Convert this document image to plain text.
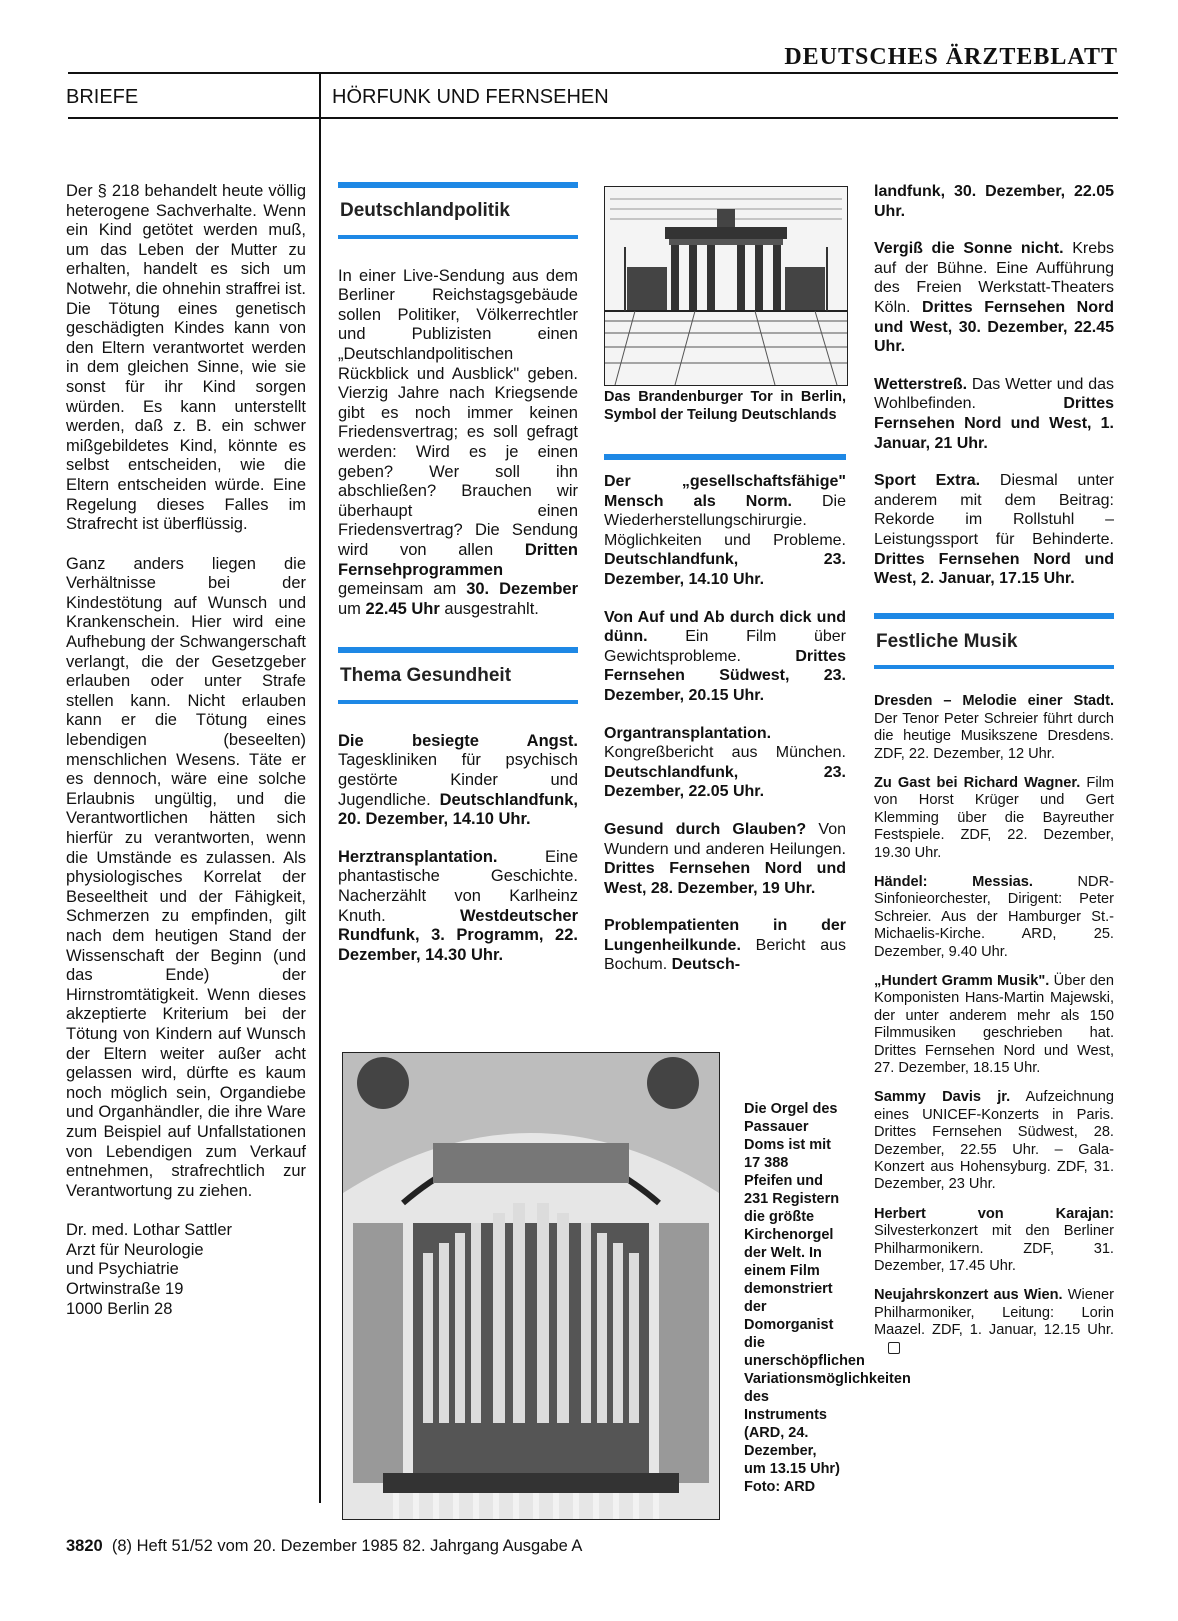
DEUTSCHES ÄRZTEBLATT
BRIEFE	HÖRFUNK UND FERNSEHEN

Der § 218 behandelt heute völlig heterogene Sachverhalte. Wenn ein Kind getötet werden muß, um das Leben der Mutter zu erhalten, handelt es sich um Notwehr, die ohnehin straffrei ist. Die Tötung eines genetisch geschädigten Kindes kann von den Eltern verantwortet werden in dem gleichen Sinne, wie sie sonst für ihr Kind sorgen würden. Es kann unterstellt werden, daß z. B. ein schwer mißgebildetes Kind, könnte es selbst entscheiden, wie die Eltern entscheiden würde. Eine Regelung dieses Falles im Strafrecht ist überflüssig.

Ganz anders liegen die Verhältnisse bei der Kindestötung auf Wunsch und Krankenschein. Hier wird eine Aufhebung der Schwangerschaft verlangt, die der Gesetzgeber erlauben oder unter Strafe stellen kann. Nicht erlauben kann er die Tötung eines lebendigen (beseelten) menschlichen Wesens. Täte er es dennoch, wäre eine solche Erlaubnis ungültig, und die Verantwortlichen hätten sich hierfür zu verantworten, wenn die Umstände es zulassen. Als physiologisches Korrelat der Beseeltheit und der Fähigkeit, Schmerzen zu empfinden, gilt nach dem heutigen Stand der Wissenschaft der Beginn (und das Ende) der Hirnstromtätigkeit. Wenn dieses akzeptierte Kriterium bei der Tötung von Kindern auf Wunsch der Eltern weiter außer acht gelassen wird, dürfte es kaum noch möglich sein, Organdiebe und Organhändler, die ihre Ware zum Beispiel auf Unfallstationen von Lebendigen zum Verkauf entnehmen, strafrechtlich zur Verantwortung zu ziehen.

Dr. med. Lothar Sattler
Arzt für Neurologie
und Psychiatrie
Ortwinstraße 19
1000 Berlin 28
Deutschlandpolitik
In einer Live-Sendung aus dem Berliner Reichstagsgebäude sollen Politiker, Völkerrechtler und Publizisten einen „Deutschlandpolitischen Rückblick und Ausblick" geben. Vierzig Jahre nach Kriegsende gibt es noch immer keinen Friedensvertrag; es soll gefragt werden: Wird es je einen geben? Wer soll ihn abschließen? Brauchen wir überhaupt einen Friedensvertrag? Die Sendung wird von allen Dritten Fernsehprogrammen gemeinsam am 30. Dezember um 22.45 Uhr ausgestrahlt.
Thema Gesundheit
Die besiegte Angst. Tageskliniken für psychisch gestörte Kinder und Jugendliche. Deutschlandfunk, 20. Dezember, 14.10 Uhr.
Herztransplantation. Eine phantastische Geschichte. Nacherzählt von Karlheinz Knuth. Westdeutscher Rundfunk, 3. Programm, 22. Dezember, 14.30 Uhr.
Das Brandenburger Tor in Berlin, Symbol der Teilung Deutschlands
Der „gesellschaftsfähige" Mensch als Norm. Die Wiederherstellungschirurgie. Möglichkeiten und Probleme. Deutschlandfunk, 23. Dezember, 14.10 Uhr.
Von Auf und Ab durch dick und dünn. Ein Film über Gewichtsprobleme. Drittes Fernsehen Südwest, 23. Dezember, 20.15 Uhr.
Organtransplantation. Kongreßbericht aus München. Deutschlandfunk, 23. Dezember, 22.05 Uhr.
Gesund durch Glauben? Von Wundern und anderen Heilungen. Drittes Fernsehen Nord und West, 28. Dezember, 19 Uhr.
Problempatienten in der Lungenheilkunde. Bericht aus Bochum. Deutsch-
Die Orgel des Passauer Doms ist mit 17 388 Pfeifen und 231 Registern die größte Kirchenorgel der Welt. In einem Film demonstriert der Domorganist die unerschöpflichen Variationsmöglichkeiten des Instruments (ARD, 24. Dezember, um 13.15 Uhr) Foto: ARD
landfunk, 30. Dezember, 22.05 Uhr.
Vergiß die Sonne nicht. Krebs auf der Bühne. Eine Aufführung des Freien Werkstatt-Theaters Köln. Drittes Fernsehen Nord und West, 30. Dezember, 22.45 Uhr.
Wetterstreß. Das Wetter und das Wohlbefinden. Drittes Fernsehen Nord und West, 1. Januar, 21 Uhr.
Sport Extra. Diesmal unter anderem mit dem Beitrag: Rekorde im Rollstuhl – Leistungssport für Behinderte. Drittes Fernsehen Nord und West, 2. Januar, 17.15 Uhr.
Festliche Musik
Dresden – Melodie einer Stadt. Der Tenor Peter Schreier führt durch die heutige Musikszene Dresdens. ZDF, 22. Dezember, 12 Uhr.
Zu Gast bei Richard Wagner. Film von Horst Krüger und Gert Klemming über die Bayreuther Festspiele. ZDF, 22. Dezember, 19.30 Uhr.
Händel: Messias. NDR-Sinfonieorchester, Dirigent: Peter Schreier. Aus der Hamburger St.-Michaelis-Kirche. ARD, 25. Dezember, 9.40 Uhr.
„Hundert Gramm Musik". Über den Komponisten Hans-Martin Majewski, der unter anderem mehr als 150 Filmmusiken geschrieben hat. Drittes Fernsehen Nord und West, 27. Dezember, 18.15 Uhr.
Sammy Davis jr. Aufzeichnung eines UNICEF-Konzerts in Paris. Drittes Fernsehen Südwest, 28. Dezember, 22.55 Uhr. – Gala-Konzert aus Hohensyburg. ZDF, 31. Dezember, 23 Uhr.
Herbert von Karajan: Silvesterkonzert mit den Berliner Philharmonikern. ZDF, 31. Dezember, 17.45 Uhr.
Neujahrskonzert aus Wien. Wiener Philharmoniker, Leitung: Lorin Maazel. ZDF, 1. Januar, 12.15 Uhr.
3820 (8) Heft 51/52 vom 20. Dezember 1985 82. Jahrgang Ausgabe A
